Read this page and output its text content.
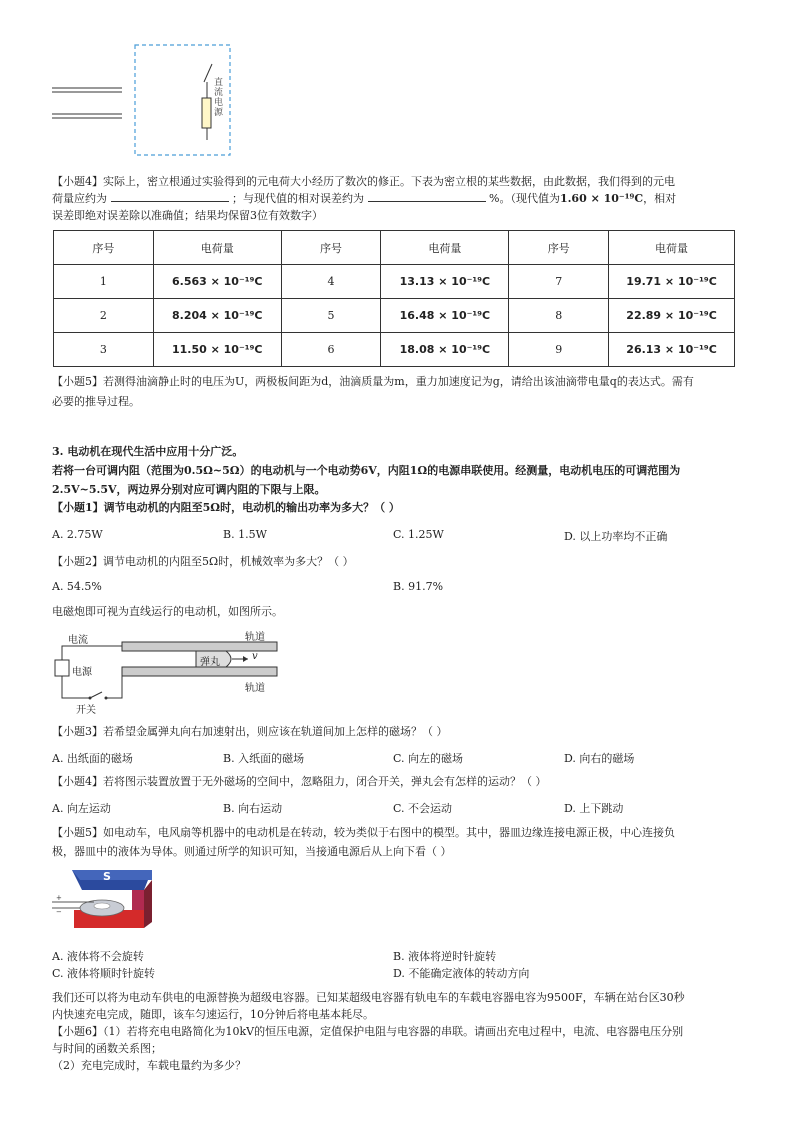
直流电源
【小题4】实际上，密立根通过实验得到的元电荷大小经历了数次的修正。下表为密立根的某些数据，由此数据，我们得到的元电
荷量应约为	；与现代值的相对误差约为	%。（现代值为1.60 × 10⁻¹⁹C，相对
误差即绝对误差除以准确值；结果均保留3位有效数字）
序号	电荷量	序号	电荷量	序号	电荷量
1	6.563 × 10⁻¹⁹C	4	13.13 × 10⁻¹⁹C	7	19.71 × 10⁻¹⁹C
2	8.204 × 10⁻¹⁹C	5	16.48 × 10⁻¹⁹C	8	22.89 × 10⁻¹⁹C
3	11.50 × 10⁻¹⁹C	6	18.08 × 10⁻¹⁹C	9	26.13 × 10⁻¹⁹C
【小题5】若测得油滴静止时的电压为U，两极板间距为d，油滴质量为m，重力加速度记为g，请给出该油滴带电量q的表达式。需有
必要的推导过程。
3. 电动机在现代生活中应用十分广泛。
若将一台可调内阻（范围为0.5Ω~5Ω）的电动机与一个电动势6V，内阻1Ω的电源串联使用。经测量，电动机电压的可调范围为
2.5V~5.5V，两边界分别对应可调内阻的下限与上限。
【小题1】调节电动机的内阻至5Ω时，电动机的输出功率为多大？（ ）
A. 2.75W	B. 1.5W	C. 1.25W	D. 以上功率均不正确
【小题2】调节电动机的内阻至5Ω时，机械效率为多大？（ ）
A. 54.5%	B. 91.7%
电磁炮即可视为直线运行的电动机，如图所示。
电流	轨道
电源
弹丸
v
轨道
开关
【小题3】若希望金属弹丸向右加速射出，则应该在轨道间加上怎样的磁场？（ ）
A. 出纸面的磁场	B. 入纸面的磁场	C. 向左的磁场	D. 向右的磁场
【小题4】若将图示装置放置于无外磁场的空间中，忽略阻力，闭合开关，弹丸会有怎样的运动？（ ）
A. 向左运动	B. 向右运动	C. 不会运动	D. 上下跳动
【小题5】如电动车，电风扇等机器中的电动机是在转动，较为类似于右图中的模型。其中，器皿边缘连接电源正极，中心连接负
极，器皿中的液体为导体。则通过所学的知识可知，当接通电源后从上向下看（ ）
+
−
S
A. 液体将不会旋转	B. 液体将逆时针旋转
C. 液体将顺时针旋转	D. 不能确定液体的转动方向
我们还可以将为电动车供电的电源替换为超级电容器。已知某超级电容器有轨电车的车载电容器电容为9500F，车辆在站台区30秒
内快速充电完成，随即，该车匀速运行，10分钟后将电基本耗尽。
【小题6】（1）若将充电电路简化为10kV的恒压电源，定值保护电阻与电容器的串联。请画出充电过程中，电流、电容器电压分别
与时间的函数关系图；
（2）充电完成时，车载电量约为多少？
